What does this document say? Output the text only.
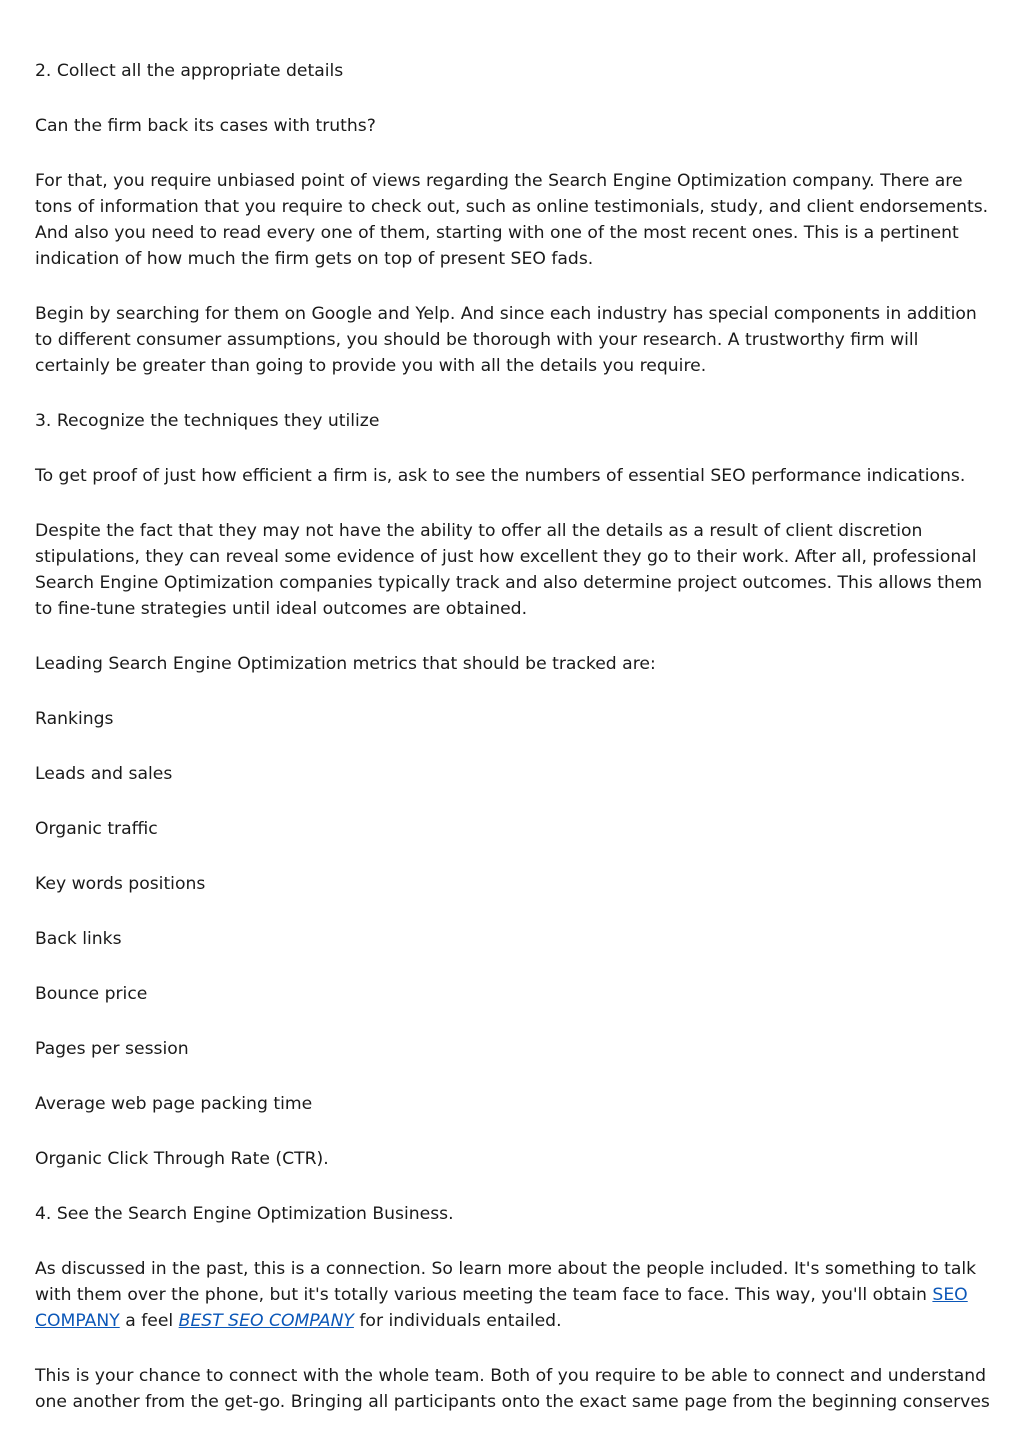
2. Collect all the appropriate details

Can the firm back its cases with truths?

For that, you require unbiased point of views regarding the Search Engine Optimization company. There are tons of information that you require to check out, such as online testimonials, study, and client endorsements. And also you need to read every one of them, starting with one of the most recent ones. This is a pertinent indication of how much the firm gets on top of present SEO fads.

Begin by searching for them on Google and Yelp. And since each industry has special components in addition to different consumer assumptions, you should be thorough with your research. A trustworthy firm will certainly be greater than going to provide you with all the details you require.

3. Recognize the techniques they utilize

To get proof of just how efficient a firm is, ask to see the numbers of essential SEO performance indications.

Despite the fact that they may not have the ability to offer all the details as a result of client discretion stipulations, they can reveal some evidence of just how excellent they go to their work. After all, professional Search Engine Optimization companies typically track and also determine project outcomes. This allows them to fine-tune strategies until ideal outcomes are obtained.

Leading Search Engine Optimization metrics that should be tracked are:

Rankings

Leads and sales

Organic traffic

Key words positions

Back links

Bounce price

Pages per session

Average web page packing time

Organic Click Through Rate (CTR).

4. See the Search Engine Optimization Business.

As discussed in the past, this is a connection. So learn more about the people included. It's something to talk with them over the phone, but it's totally various meeting the team face to face. This way, you'll obtain SEO COMPANY a feel BEST SEO COMPANY for individuals entailed.

This is your chance to connect with the whole team. Both of you require to be able to connect and understand one another from the get-go. Bringing all participants onto the exact same page from the beginning conserves
